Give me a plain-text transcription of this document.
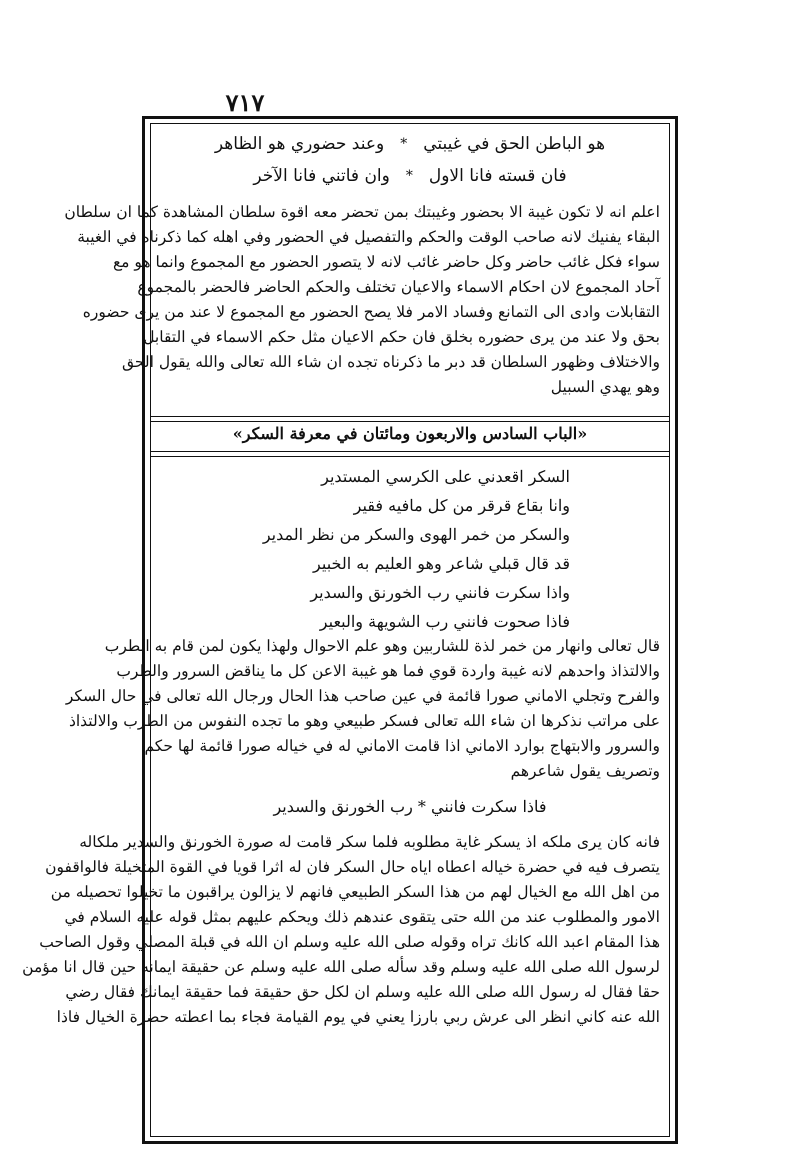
٧١٧
هو الباطن الحق في غيبتي
*
وعند حضوري هو الظاهر
فان قسته فانا الاول
*
وان فاتني فانا الآخر
اعلم انه لا تكون غيبة الا بحضور وغيبتك بمن تحضر معه اقوة سلطان المشاهدة كما ان سلطان
البقاء يفنيك لانه صاحب الوقت والحكم والتفصيل في الحضور وفي اهله كما ذكرناه في الغيبة
سواء فكل غائب حاضر وكل حاضر غائب لانه لا يتصور الحضور مع المجموع وانما هو مع
آحاد المجموع لان احكام الاسماء والاعيان تختلف والحكم الحاضر فالحضر بالمجموع
التقابلات وادى الى التمانع وفساد الامر فلا يصح الحضور مع المجموع لا عند من يرى حضوره
بحق ولا عند من يرى حضوره بخلق فان حكم الاعيان مثل حكم الاسماء في التقابل
والاختلاف وظهور السلطان قد دبر ما ذكرناه تجده ان شاء الله تعالى والله يقول الحق
وهو يهدي السبيل
«الباب السادس والاربعون ومائتان في معرفة السكر»
السكر اقعدني على الكرسي المستدير
وانا بقاع قرقر من كل مافيه فقير
والسكر من خمر الهوى والسكر من نظر المدير
قد قال قبلي شاعر وهو العليم به الخبير
واذا سكرت فانني رب الخورنق والسدير
فاذا صحوت فانني رب الشويهة والبعير
قال تعالى وانهار من خمر لذة للشاربين وهو علم الاحوال ولهذا يكون لمن قام به الطرب
والالتذاذ واحدهم لانه غيبة واردة قوي فما هو غيبة الاعن كل ما يناقض السرور والطرب
والفرح وتجلي الاماني صورا قائمة في عين صاحب هذا الحال ورجال الله تعالى في حال السكر
على مراتب نذكرها ان شاء الله تعالى فسكر طبيعي وهو ما تجده النفوس من الطرب والالتذاذ
والسرور والابتهاج بوارد الاماني اذا قامت الاماني له في خياله صورا قائمة لها حكم
وتصريف يقول شاعرهم
فاذا سكرت فانني * رب الخورنق والسدير
فانه كان يرى ملكه اذ يسكر غاية مطلوبه فلما سكر قامت له صورة الخورنق والسدير ملكاله
يتصرف فيه في حضرة خياله اعطاه اياه حال السكر فان له اثرا قويا في القوة المتخيلة فالواقفون
من اهل الله مع الخيال لهم من هذا السكر الطبيعي فانهم لا يزالون يراقبون ما تخيلوا تحصيله من
الامور والمطلوب عند من الله حتى يتقوى عندهم ذلك ويحكم عليهم بمثل قوله عليه السلام في
هذا المقام اعبد الله كانك تراه وقوله صلى الله عليه وسلم ان الله في قبلة المصلي وقول الصاحب
لرسول الله صلى الله عليه وسلم وقد سأله صلى الله عليه وسلم عن حقيقة ايمانه حين قال انا مؤمن
حقا فقال له رسول الله صلى الله عليه وسلم ان لكل حق حقيقة فما حقيقة ايمانك فقال رضي
الله عنه كاني انظر الى عرش ربي بارزا يعني في يوم القيامة فجاء بما اعطته حضرة الخيال فاذا
